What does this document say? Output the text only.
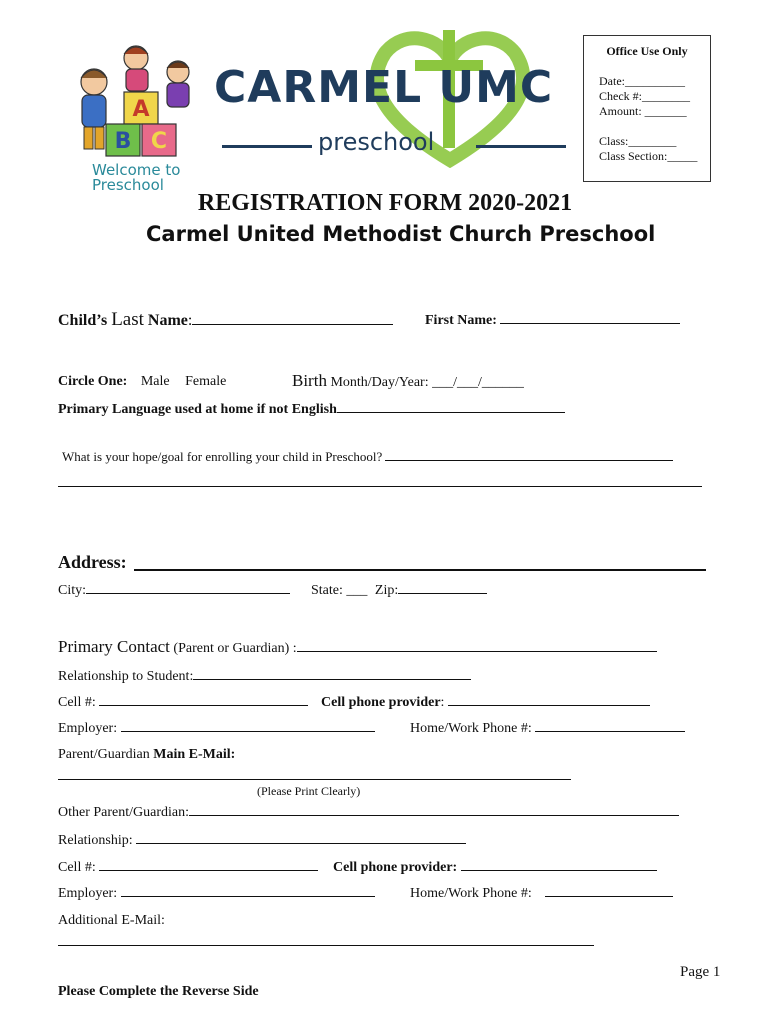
Office Use Only
Date:__________
Check #:________
Amount: _______
Class:________
Class Section:_____
A
B C
Welcome to
Preschool
CARMEL UMC
preschool
REGISTRATION FORM 2020-2021
Carmel United Methodist Church Preschool
Child’s Last Name:	First Name:
Circle One: Male Female	Birth Month/Day/Year: ___/___/______
Primary Language used at home if not English
What is your hope/goal for enrolling your child in Preschool?
Address:
City:	State: ___ Zip:
Primary Contact (Parent or Guardian) :
Relationship to Student:
Cell #:	Cell phone provider:
Employer:	Home/Work Phone #:
Parent/Guardian Main E-Mail:
(Please Print Clearly)
Other Parent/Guardian:
Relationship:
Cell #:	Cell phone provider:
Employer:	Home/Work Phone #:
Additional E-Mail:
Page 1
Please Complete the Reverse Side
